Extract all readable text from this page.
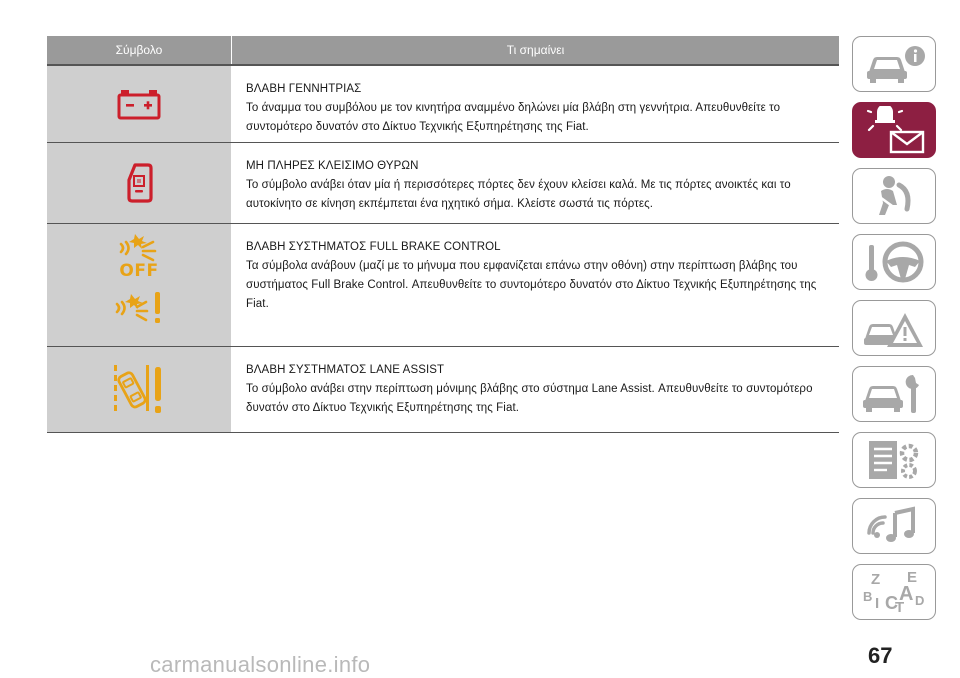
Σύμβολο	Τι σημαίνει
ΒΛΑΒΗ ΓΕΝΝΗΤΡΙΑΣ
Το άναμμα του συμβόλου με τον κινητήρα αναμμένο δηλώνει μία βλάβη στη γεννήτρια. Απευθυνθείτε το συντομότερο δυνατόν στο Δίκτυο Τεχνικής Εξυπηρέτησης της Fiat.
ΜΗ ΠΛΗΡΕΣ ΚΛΕΙΣΙΜΟ ΘΥΡΩΝ
Το σύμβολο ανάβει όταν μία ή περισσότερες πόρτες δεν έχουν κλείσει καλά. Με τις πόρτες ανοικτές και το αυτοκίνητο σε κίνηση εκπέμπεται ένα ηχητικό σήμα. Κλείστε σωστά τις πόρτες.
OFF
ΒΛΑΒΗ ΣΥΣΤΗΜΑΤΟΣ FULL BRAKE CONTROL
Τα σύμβολα ανάβουν (μαζί με το μήνυμα που εμφανίζεται επάνω στην οθόνη) στην περίπτωση βλάβης του συστήματος Full Brake Control. Απευθυνθείτε το συντομότερο δυνατόν στο Δίκτυο Τεχνικής Εξυπηρέτησης της Fiat.
ΒΛΑΒΗ ΣΥΣΤΗΜΑΤΟΣ LANE ASSIST
Το σύμβολο ανάβει στην περίπτωση μόνιμης βλάβης στο σύστημα Lane Assist. Απευθυνθείτε το συντομότερο δυνατόν στο Δίκτυο Τεχνικής Εξυπηρέτησης της Fiat.
Z E
B A
I C
T D
67
carmanualsonline.info
